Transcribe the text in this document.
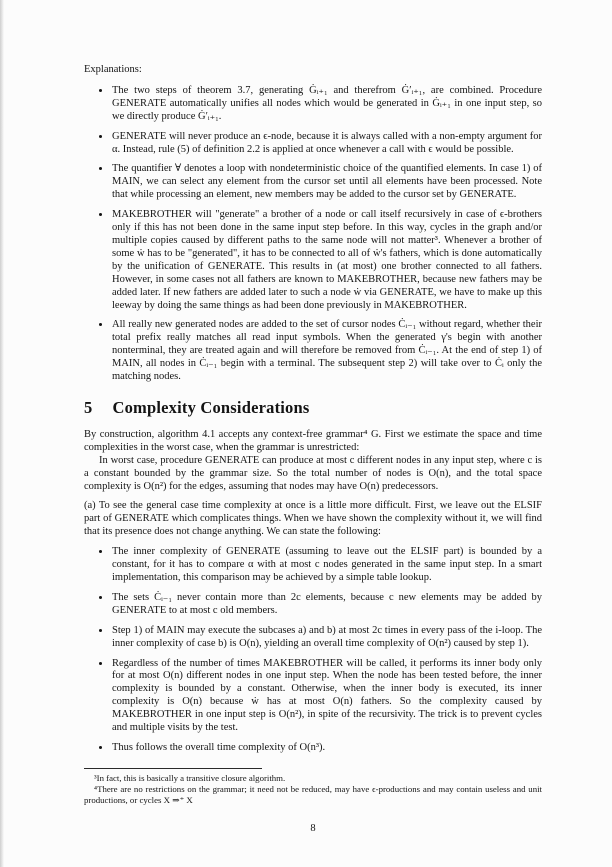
Explanations:

• The two steps of theorem 3.7, generating Ġᵢ₊₁ and therefrom Ġ′ᵢ₊₁, are combined. Procedure GENERATE automatically unifies all nodes which would be generated in Ġᵢ₊₁ in one input step, so we directly produce Ġ′ᵢ₊₁.
• GENERATE will never produce an ϵ-node, because it is always called with a non-empty argument for α. Instead, rule (5) of definition 2.2 is applied at once whenever a call with ϵ would be possible.
• The quantifier ∀ denotes a loop with nondeterministic choice of the quantified elements. In case 1) of MAIN, we can select any element from the cursor set until all elements have been processed. Note that while processing an element, new members may be added to the cursor set by GENERATE.
• MAKEBROTHER will "generate" a brother of a node or call itself recursively in case of ϵ-brothers only if this has not been done in the same input step before. In this way, cycles in the graph and/or multiple copies caused by different paths to the same node will not matter³. Whenever a brother of some ẇ has to be "generated", it has to be connected to all of ẇ's fathers, which is done automatically by the unification of GENERATE. This results in (at most) one brother connected to all fathers. However, in some cases not all fathers are known to MAKEBROTHER, because new fathers may be added later. If new fathers are added later to such a node ẇ via GENERATE, we have to make up this leeway by doing the same things as had been done previously in MAKEBROTHER.
• All really new generated nodes are added to the set of cursor nodes Ċᵢ₋₁ without regard, whether their total prefix really matches all read input symbols. When the generated γ's begin with another nonterminal, they are treated again and will therefore be removed from Ċᵢ₋₁. At the end of step 1) of MAIN, all nodes in Ċᵢ₋₁ begin with a terminal. The subsequent step 2) will take over to Ċᵢ only the matching nodes.
5 Complexity Considerations

By construction, algorithm 4.1 accepts any context-free grammar⁴ G. First we estimate the space and time complexities in the worst case, when the grammar is unrestricted:

In worst case, procedure GENERATE can produce at most c different nodes in any input step, where c is a constant bounded by the grammar size. So the total number of nodes is O(n), and the total space complexity is O(n²) for the edges, assuming that nodes may have O(n) predecessors.

(a) To see the general case time complexity at once is a little more difficult. First, we leave out the ELSIF part of GENERATE which complicates things. When we have shown the complexity without it, we will find that its presence does not change anything. We can state the following:

• The inner complexity of GENERATE (assuming to leave out the ELSIF part) is bounded by a constant, for it has to compare α with at most c nodes generated in the same input step. In a smart implementation, this comparison may be achieved by a simple table lookup.
• The sets Ċᵢ₋₁ never contain more than 2c elements, because c new elements may be added by GENERATE to at most c old members.
• Step 1) of MAIN may execute the subcases a) and b) at most 2c times in every pass of the i-loop. The inner complexity of case b) is O(n), yielding an overall time complexity of O(n²) caused by step 1).
• Regardless of the number of times MAKEBROTHER will be called, it performs its inner body only for at most O(n) different nodes in one input step. When the node has been tested before, the inner complexity is bounded by a constant. Otherwise, when the inner body is executed, its inner complexity is O(n) because ẇ has at most O(n) fathers. So the complexity caused by MAKEBROTHER in one input step is O(n²), in spite of the recursivity. The trick is to prevent cycles and multiple visits by the test.
• Thus follows the overall time complexity of O(n³).

³In fact, this is basically a transitive closure algorithm.

⁴There are no restrictions on the grammar; it need not be reduced, may have ϵ-productions and may contain useless and unit productions, or cycles X ⇒⁺ X

8
